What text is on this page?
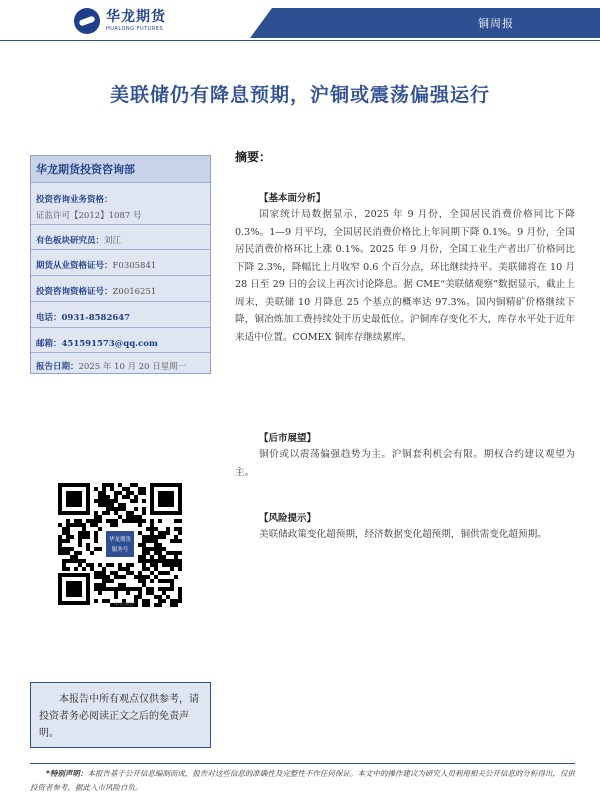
华龙期货
HUALONG FUTURES	铜周报
美联储仍有降息预期，沪铜或震荡偏强运行
华龙期货投资咨询部
投资咨询业务资格：
证监许可【2012】1087 号
有色板块研究员：刘江
期货从业资格证号：F0305841
投资咨询资格证号：Z0016251
电话：0931-8582647
邮箱：451591573@qq.com
报告日期：2025 年 10 月 20 日星期一
华龙期货
服务号
华龙期货

本报告中所有观点仅供参考，请投资者务必阅读正文之后的免责声明。

摘要：
【基本面分析】

国家统计局数据显示，2025 年 9 月份，全国居民消费价格同比下降 0.3%。1—9 月平均，全国居民消费价格比上年同期下降 0.1%。9 月份，全国居民消费价格环比上涨 0.1%。2025 年 9 月份，全国工业生产者出厂价格同比下降 2.3%，降幅比上月收窄 0.6 个百分点，环比继续持平。美联储将在 10 月 28 日至 29 日的会议上再次讨论降息。据 CME“美联储观察”数据显示，截止上周末，美联储 10 月降息 25 个基点的概率达 97.3%。国内铜精矿价格继续下降，铜冶炼加工费持续处于历史最低位。沪铜库存变化不大，库存水平处于近年来适中位置。COMEX 铜库存继续累库。

【后市展望】

铜价或以震荡偏强趋势为主。沪铜套利机会有限。期权合约建议观望为主。

【风险提示】

美联储政策变化超预期，经济数据变化超预期，铜供需变化超预期。

*特别声明：本报告基于公开信息编制而成，报告对这些信息的准确性及完整性不作任何保证。本文中的操作建议为研究人员利用相关公开信息的分析得出，仅供投资者参考，据此入市风险自负。
